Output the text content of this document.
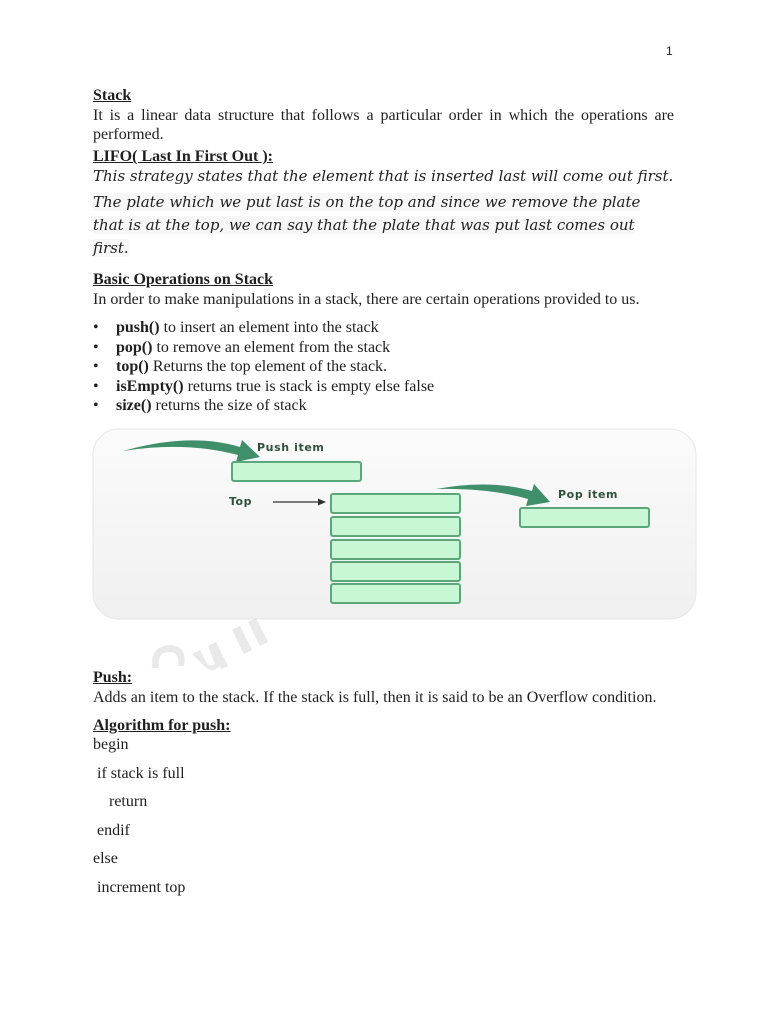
1

Stack

It is a linear data structure that follows a particular order in which the operations are performed.

LIFO( Last In First Out ):

This strategy states that the element that is inserted last will come out first.

The plate which we put last is on the top and since we remove the plate that is at the top, we can say that the plate that was put last comes out first.

Basic Operations on Stack

In order to make manipulations in a stack, there are certain operations provided to us.

• push() to insert an element into the stack
• pop() to remove an element from the stack
• top() Returns the top element of the stack.
• isEmpty() returns true is stack is empty else false
• size() returns the size of stack
Push item
Top
Pop item

Push:

Adds an item to the stack. If the stack is full, then it is said to be an Overflow condition.

Algorithm for push:

begin
if stack is full
return
endif
else
increment top
